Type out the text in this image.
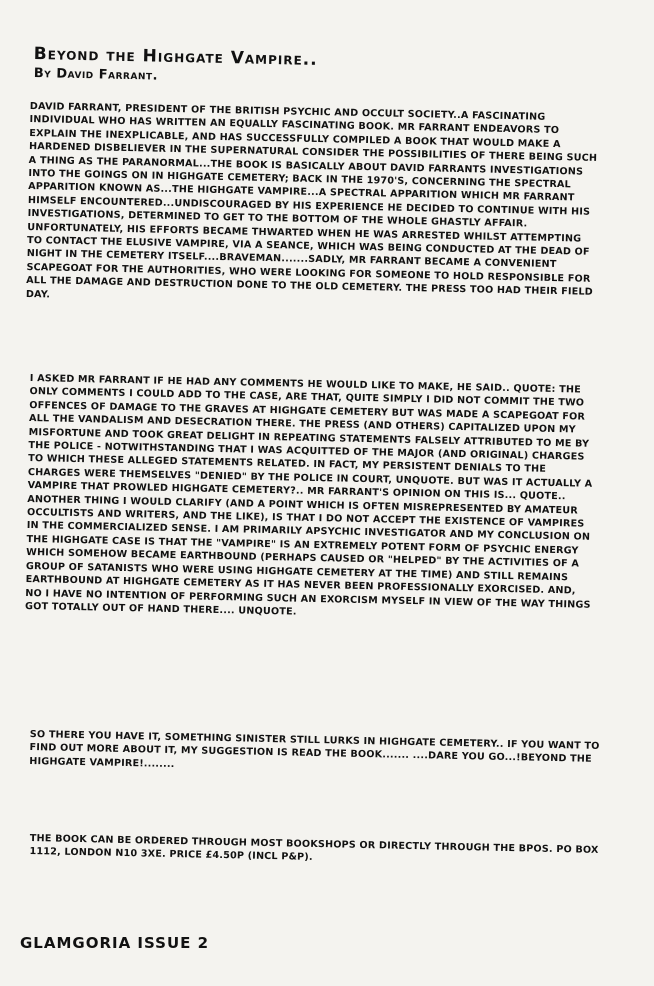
Beyond the Highgate Vampire..
By David Farrant.
DAVID FARRANT, PRESIDENT OF THE BRITISH PSYCHIC AND OCCULT SOCIETY..A FASCINATING INDIVIDUAL WHO HAS WRITTEN AN EQUALLY FASCINATING BOOK. MR FARRANT ENDEAVORS TO EXPLAIN THE INEXPLICABLE, AND HAS SUCCESSFULLY COMPILED A BOOK THAT WOULD MAKE A HARDENED DISBELIEVER IN THE SUPERNATURAL CONSIDER THE POSSIBILITIES OF THERE BEING SUCH A THING AS THE PARANORMAL...THE BOOK IS BASICALLY ABOUT DAVID FARRANTS INVESTIGATIONS INTO THE GOINGS ON IN HIGHGATE CEMETERY; BACK IN THE 1970'S, CONCERNING THE SPECTRAL APPARITION KNOWN AS...THE HIGHGATE VAMPIRE...A SPECTRAL APPARITION WHICH MR FARRANT HIMSELF ENCOUNTERED...UNDISCOURAGED BY HIS EXPERIENCE HE DECIDED TO CONTINUE WITH HIS INVESTIGATIONS, DETERMINED TO GET TO THE BOTTOM OF THE WHOLE GHASTLY AFFAIR. UNFORTUNATELY, HIS EFFORTS BECAME THWARTED WHEN HE WAS ARRESTED WHILST ATTEMPTING TO CONTACT THE ELUSIVE VAMPIRE, VIA A SEANCE, WHICH WAS BEING CONDUCTED AT THE DEAD OF NIGHT IN THE CEMETERY ITSELF....BRAVEMAN.......SADLY, MR FARRANT BECAME A CONVENIENT SCAPEGOAT FOR THE AUTHORITIES, WHO WERE LOOKING FOR SOMEONE TO HOLD RESPONSIBLE FOR ALL THE DAMAGE AND DESTRUCTION DONE TO THE OLD CEMETERY. THE PRESS TOO HAD THEIR FIELD DAY.
I ASKED MR FARRANT IF HE HAD ANY COMMENTS HE WOULD LIKE TO MAKE, HE SAID.. QUOTE: THE ONLY COMMENTS I COULD ADD TO THE CASE, ARE THAT, QUITE SIMPLY I DID NOT COMMIT THE TWO OFFENCES OF DAMAGE TO THE GRAVES AT HIGHGATE CEMETERY BUT WAS MADE A SCAPEGOAT FOR ALL THE VANDALISM AND DESECRATION THERE. THE PRESS (AND OTHERS) CAPITALIZED UPON MY MISFORTUNE AND TOOK GREAT DELIGHT IN REPEATING STATEMENTS FALSELY ATTRIBUTED TO ME BY THE POLICE - NOTWITHSTANDING THAT I WAS ACQUITTED OF THE MAJOR (AND ORIGINAL) CHARGES TO WHICH THESE ALLEGED STATEMENTS RELATED. IN FACT, MY PERSISTENT DENIALS TO THE CHARGES WERE THEMSELVES "DENIED" BY THE POLICE IN COURT, UNQUOTE. BUT WAS IT ACTUALLY A VAMPIRE THAT PROWLED HIGHGATE CEMETERY?.. MR FARRANT'S OPINION ON THIS IS... QUOTE.. ANOTHER THING I WOULD CLARIFY (AND A POINT WHICH IS OFTEN MISREPRESENTED BY AMATEUR OCCULTISTS AND WRITERS, AND THE LIKE), IS THAT I DO NOT ACCEPT THE EXISTENCE OF VAMPIRES IN THE COMMERCIALIZED SENSE. I AM PRIMARILY APSYCHIC INVESTIGATOR AND MY CONCLUSION ON THE HIGHGATE CASE IS THAT THE "VAMPIRE" IS AN EXTREMELY POTENT FORM OF PSYCHIC ENERGY WHICH SOMEHOW BECAME EARTHBOUND (PERHAPS CAUSED OR "HELPED" BY THE ACTIVITIES OF A GROUP OF SATANISTS WHO WERE USING HIGHGATE CEMETERY AT THE TIME) AND STILL REMAINS EARTHBOUND AT HIGHGATE CEMETERY AS IT HAS NEVER BEEN PROFESSIONALLY EXORCISED. AND, NO I HAVE NO INTENTION OF PERFORMING SUCH AN EXORCISM MYSELF IN VIEW OF THE WAY THINGS GOT TOTALLY OUT OF HAND THERE.... UNQUOTE.
SO THERE YOU HAVE IT, SOMETHING SINISTER STILL LURKS IN HIGHGATE CEMETERY.. IF YOU WANT TO FIND OUT MORE ABOUT IT, MY SUGGESTION IS READ THE BOOK....... ....DARE YOU GO...!BEYOND THE HIGHGATE VAMPIRE!........
THE BOOK CAN BE ORDERED THROUGH MOST BOOKSHOPS OR DIRECTLY THROUGH THE BPOS. PO BOX 1112, LONDON N10 3XE. PRICE £4.50P (INCL P&P).
GLAMGORIA ISSUE 2
